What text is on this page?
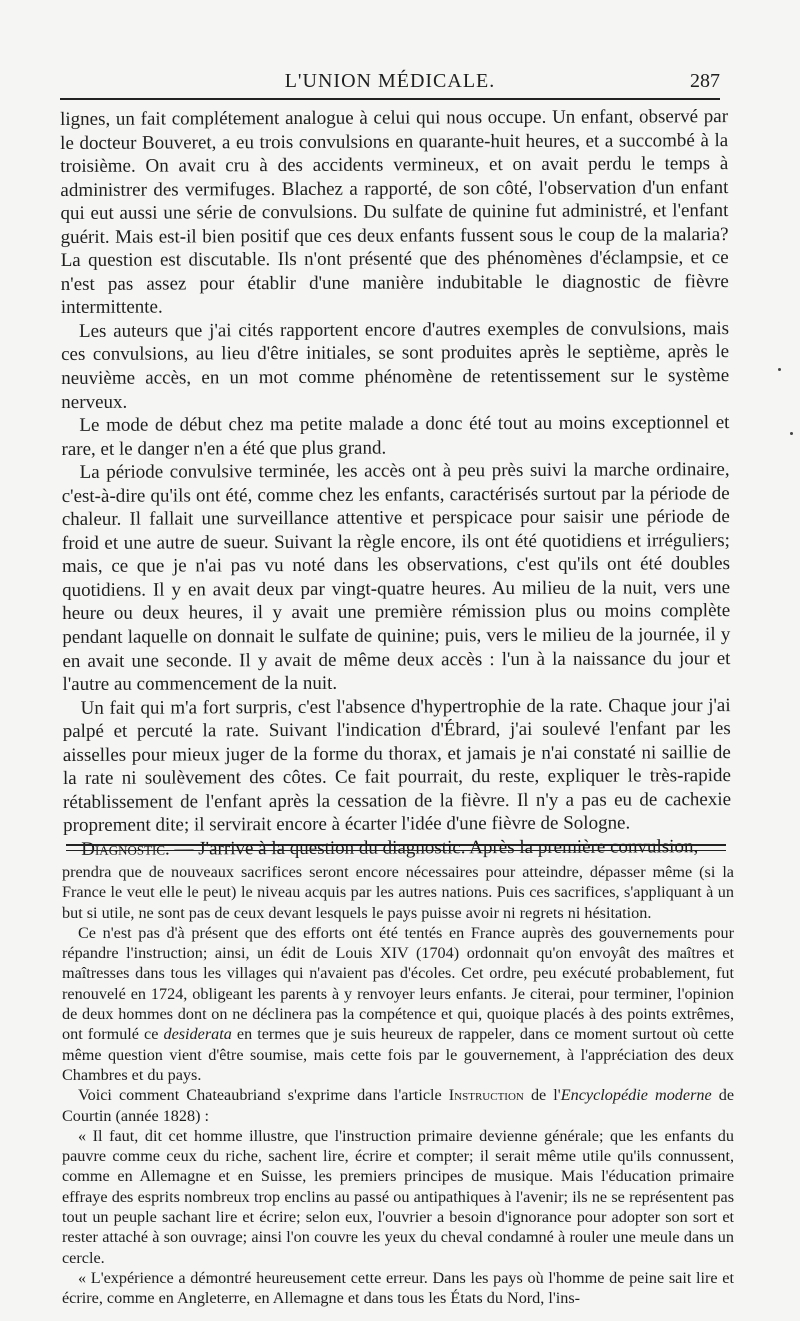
L'UNION MÉDICALE.	287

lignes, un fait complétement analogue à celui qui nous occupe. Un enfant, observé par le docteur Bouveret, a eu trois convulsions en quarante-huit heures, et a succombé à la troisième. On avait cru à des accidents vermineux, et on avait perdu le temps à administrer des vermifuges. Blachez a rapporté, de son côté, l'observation d'un enfant qui eut aussi une série de convulsions. Du sulfate de quinine fut administré, et l'enfant guérit. Mais est-il bien positif que ces deux enfants fussent sous le coup de la malaria? La question est discutable. Ils n'ont présenté que des phénomènes d'éclampsie, et ce n'est pas assez pour établir d'une manière indubitable le diagnostic de fièvre intermittente.

Les auteurs que j'ai cités rapportent encore d'autres exemples de convulsions, mais ces convulsions, au lieu d'être initiales, se sont produites après le septième, après le neuvième accès, en un mot comme phénomène de retentissement sur le système nerveux.

Le mode de début chez ma petite malade a donc été tout au moins exceptionnel et rare, et le danger n'en a été que plus grand.

La période convulsive terminée, les accès ont à peu près suivi la marche ordinaire, c'est-à-dire qu'ils ont été, comme chez les enfants, caractérisés surtout par la période de chaleur. Il fallait une surveillance attentive et perspicace pour saisir une période de froid et une autre de sueur. Suivant la règle encore, ils ont été quotidiens et irréguliers; mais, ce que je n'ai pas vu noté dans les observations, c'est qu'ils ont été doubles quotidiens. Il y en avait deux par vingt-quatre heures. Au milieu de la nuit, vers une heure ou deux heures, il y avait une première rémission plus ou moins complète pendant laquelle on donnait le sulfate de quinine; puis, vers le milieu de la journée, il y en avait une seconde. Il y avait de même deux accès : l'un à la naissance du jour et l'autre au commencement de la nuit.

Un fait qui m'a fort surpris, c'est l'absence d'hypertrophie de la rate. Chaque jour j'ai palpé et percuté la rate. Suivant l'indication d'Ébrard, j'ai soulevé l'enfant par les aisselles pour mieux juger de la forme du thorax, et jamais je n'ai constaté ni saillie de la rate ni soulèvement des côtes. Ce fait pourrait, du reste, expliquer le très-rapide rétablissement de l'enfant après la cessation de la fièvre. Il n'y a pas eu de cachexie proprement dite; il servirait encore à écarter l'idée d'une fièvre de Sologne.

Diagnostic. — J'arrive à la question du diagnostic. Après la première convulsion,

prendra que de nouveaux sacrifices seront encore nécessaires pour atteindre, dépasser même (si la France le veut elle le peut) le niveau acquis par les autres nations. Puis ces sacrifices, s'appliquant à un but si utile, ne sont pas de ceux devant lesquels le pays puisse avoir ni regrets ni hésitation.

Ce n'est pas d'à présent que des efforts ont été tentés en France auprès des gouvernements pour répandre l'instruction; ainsi, un édit de Louis XIV (1704) ordonnait qu'on envoyât des maîtres et maîtresses dans tous les villages qui n'avaient pas d'écoles. Cet ordre, peu exécuté probablement, fut renouvelé en 1724, obligeant les parents à y renvoyer leurs enfants. Je citerai, pour terminer, l'opinion de deux hommes dont on ne déclinera pas la compétence et qui, quoique placés à des points extrêmes, ont formulé ce desiderata en termes que je suis heureux de rappeler, dans ce moment surtout où cette même question vient d'être soumise, mais cette fois par le gouvernement, à l'appréciation des deux Chambres et du pays.

Voici comment Chateaubriand s'exprime dans l'article Instruction de l'Encyclopédie moderne de Courtin (année 1828) :

« Il faut, dit cet homme illustre, que l'instruction primaire devienne générale; que les enfants du pauvre comme ceux du riche, sachent lire, écrire et compter; il serait même utile qu'ils connussent, comme en Allemagne et en Suisse, les premiers principes de musique. Mais l'éducation primaire effraye des esprits nombreux trop enclins au passé ou antipathiques à l'avenir; ils ne se représentent pas tout un peuple sachant lire et écrire; selon eux, l'ouvrier a besoin d'ignorance pour adopter son sort et rester attaché à son ouvrage; ainsi l'on couvre les yeux du cheval condamné à rouler une meule dans un cercle.

« L'expérience a démontré heureusement cette erreur. Dans les pays où l'homme de peine sait lire et écrire, comme en Angleterre, en Allemagne et dans tous les États du Nord, l'ins-
